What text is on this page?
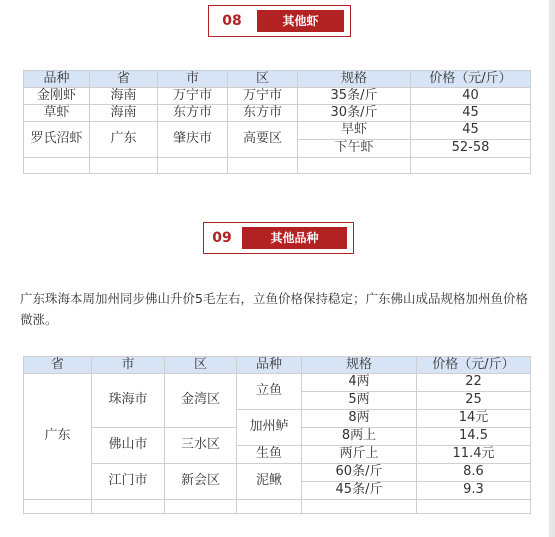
08	其他虾
品种	省	市	区	规格	价格（元/斤）
金刚虾	海南	万宁市	万宁市	35条/斤	40
草虾	海南	东方市	东方市	30条/斤	45
罗氏沼虾	广东	肇庆市	高要区	早虾	45
				下午虾	52-58

09	其他品种

广东珠海本周加州同步佛山升价5毛左右，立鱼价格保持稳定；广东佛山成品规格加州鱼价格微涨。

省	市	区	品种	规格	价格（元/斤）
广东	珠海市	金湾区	立鱼	4两	22
				5两	25
			加州鲈	8两	14元
	佛山市	三水区		8两上	14.5
			生鱼	两斤上	11.4元
	江门市	新会区	泥鳅	60条/斤	8.6
				45条/斤	9.3
